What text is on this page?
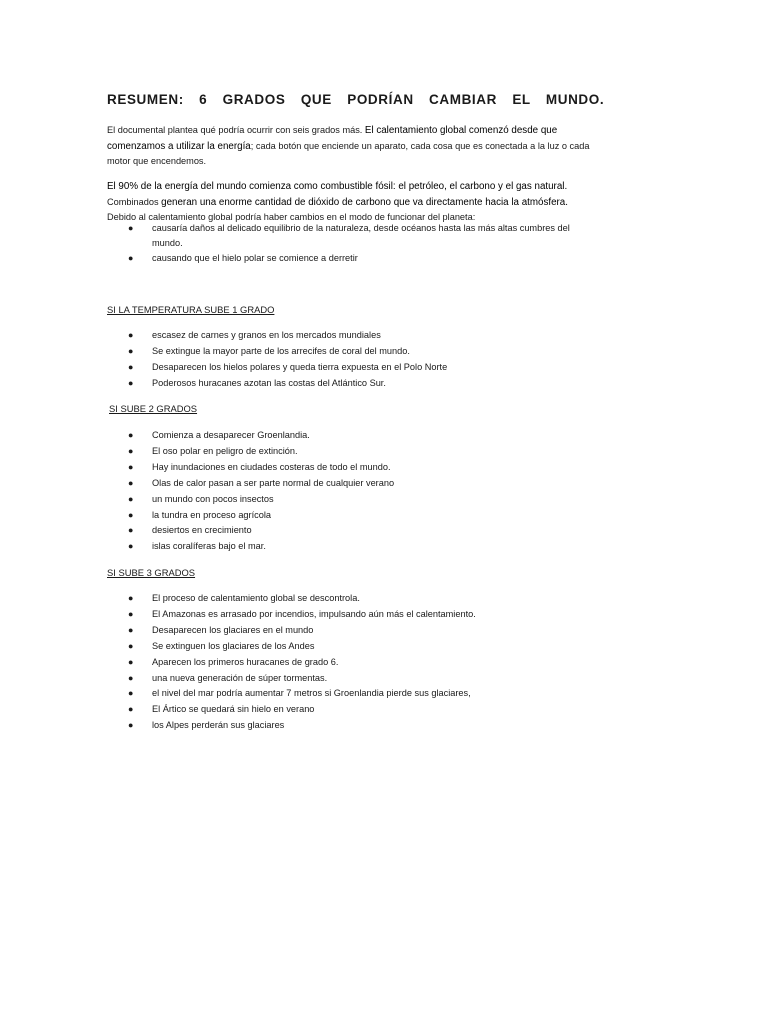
RESUMEN: 6 GRADOS QUE PODRÍAN CAMBIAR EL MUNDO.

El documental plantea qué podría ocurrir con seis grados más. El calentamiento global comenzó desde que comenzamos a utilizar la energía; cada botón que enciende un aparato, cada cosa que es conectada a la luz o cada motor que encendemos.

El 90% de la energía del mundo comienza como combustible fósil: el petróleo, el carbono y el gas natural.
Combinados generan una enorme cantidad de dióxido de carbono que va directamente hacia la atmósfera.
Debido al calentamiento global podría haber cambios en el modo de funcionar del planeta:

● causaría daños al delicado equilibrio de la naturaleza, desde océanos hasta las más altas cumbres del mundo.
● causando que el hielo polar se comience a derretir

SI LA TEMPERATURA SUBE 1 GRADO

● escasez de carnes y granos en los mercados mundiales
● Se extingue la mayor parte de los arrecifes de coral del mundo.
● Desaparecen los hielos polares y queda tierra expuesta en el Polo Norte
● Poderosos huracanes azotan las costas del Atlántico Sur.

SI SUBE 2 GRADOS

● Comienza a desaparecer Groenlandia.
● El oso polar en peligro de extinción.
● Hay inundaciones en ciudades costeras de todo el mundo.
● Olas de calor pasan a ser parte normal de cualquier verano
● un mundo con pocos insectos
● la tundra en proceso agrícola
● desiertos en crecimiento
● islas coralíferas bajo el mar.

SI SUBE 3 GRADOS

● El proceso de calentamiento global se descontrola.
● El Amazonas es arrasado por incendios, impulsando aún más el calentamiento.
● Desaparecen los glaciares en el mundo
● Se extinguen los glaciares de los Andes
● Aparecen los primeros huracanes de grado 6.
● una nueva generación de súper tormentas.
● el nivel del mar podría aumentar 7 metros si Groenlandia pierde sus glaciares,
● El Ártico se quedará sin hielo en verano
● los Alpes perderán sus glaciares
